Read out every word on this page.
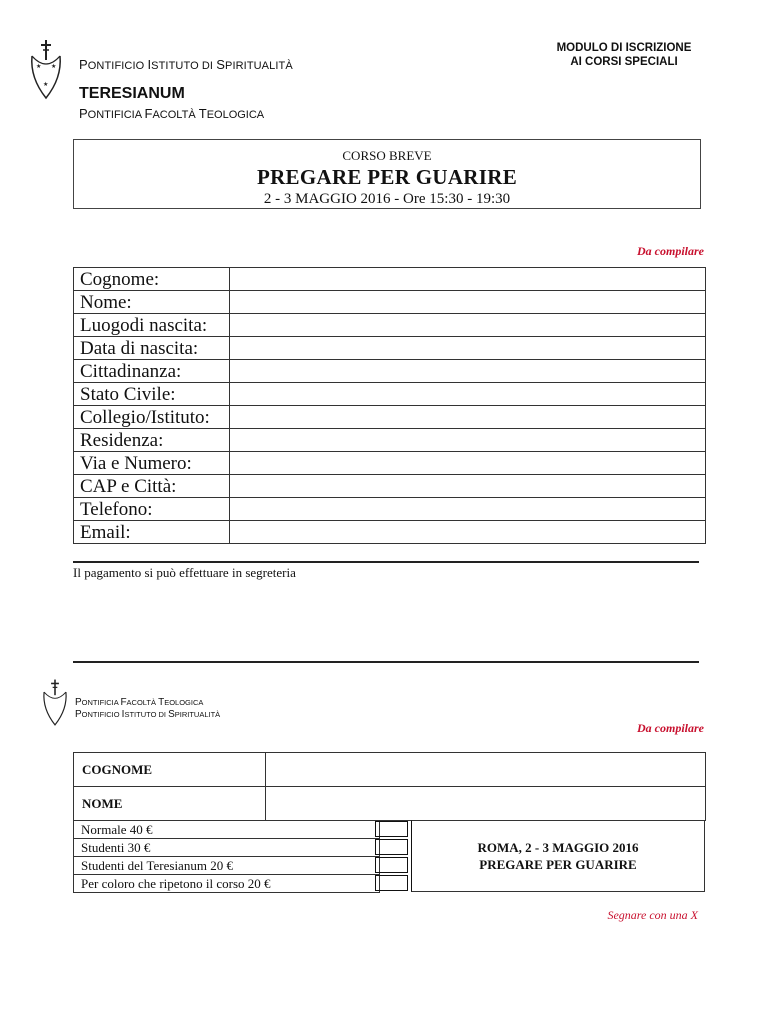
★ ★
★
PONTIFICIO ISTITUTO DI SPIRITUALITÀ
MODULO DI ISCRIZIONE
AI CORSI SPECIALI
TERESIANUM
PONTIFICIA FACOLTÀ TEOLOGICA
CORSO BREVE
PREGARE PER GUARIRE
2 - 3 MAGGIO 2016 - Ore 15:30 - 19:30
Da compilare
Cognome:	
Nome:	
Luogodi nascita:	
Data di nascita:	
Cittadinanza:	
Stato Civile:	
Collegio/Istituto:	
Residenza:	
Via e Numero:	
CAP e Città:	
Telefono:	
Email:	
Il pagamento si può effettuare in segreteria
PONTIFICIA FACOLTÀ TEOLOGICA
PONTIFICIO ISTITUTO DI SPIRITUALITÀ
Da compilare
COGNOME	
NOME	
Normale 40 €
Studenti 30 €
Studenti del Teresianum 20 €
Per coloro che ripetono il corso 20 €
ROMA, 2 - 3 MAGGIO 2016
PREGARE PER GUARIRE
Segnare con una X
